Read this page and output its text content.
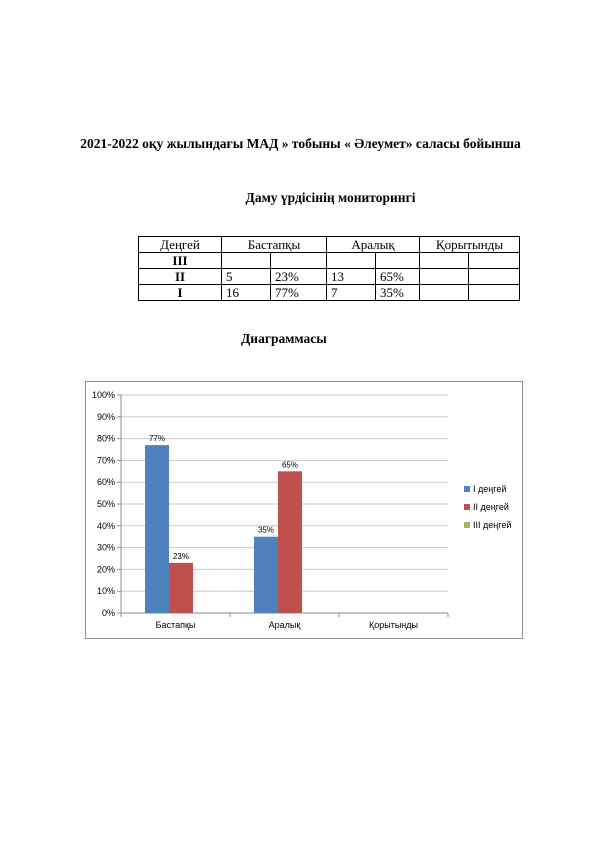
2021-2022 оқу жылындағы МАД » тобыны « Әлеумет» саласы бойынша
Даму үрдісінің мониторингі
Деңгей	Бастапқы		Аралық		Қорытынды	
III						
II	5	23%	13	65%		
I	16	77%	7	35%		
Диаграммасы
0%
10%
20%
30%
40%
50%
60%
70%
80%
90%
100%
Бастапқы
77%
23%
Аралық
35%
65%
Қорытынды
I деңгей
II деңгей
III деңгей
